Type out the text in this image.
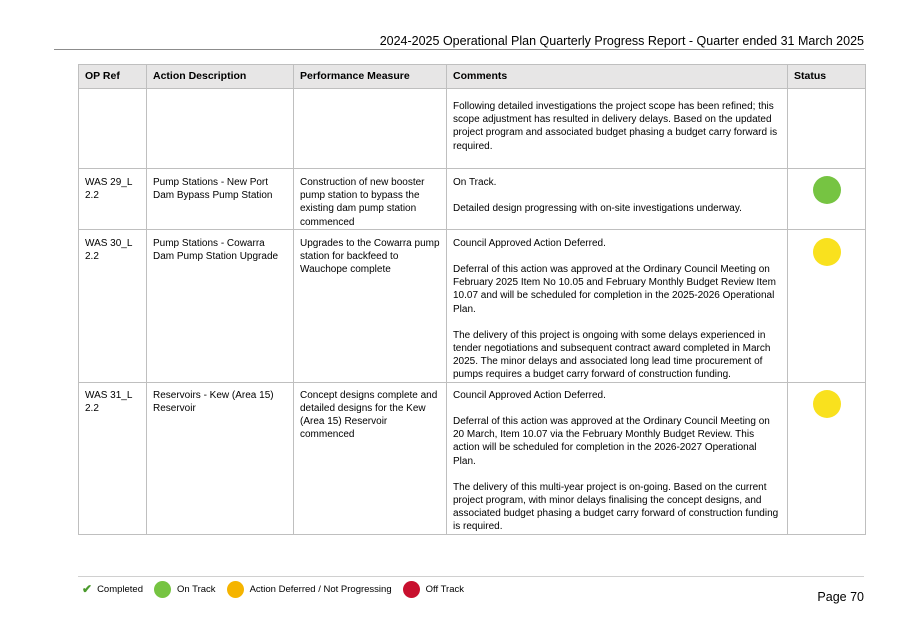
2024-2025 Operational Plan Quarterly Progress Report - Quarter ended 31 March 2025
OP Ref	Action Description	Performance Measure	Comments	Status

			Following detailed investigations the project scope has been refined; this scope adjustment has resulted in delivery delays. Based on the updated project program and associated budget phasing a budget carry forward is required.	

WAS 29_L 2.2	Pump Stations - New Port Dam Bypass Pump Station	Construction of new booster pump station to bypass the existing dam pump station commenced	On Track.

Detailed design progressing with on-site investigations underway.	

WAS 30_L 2.2	Pump Stations - Cowarra Dam Pump Station Upgrade	Upgrades to the Cowarra pump station for backfeed to Wauchope complete	Council Approved Action Deferred.

Deferral of this action was approved at the Ordinary Council Meeting on February 2025 Item No 10.05 and February Monthly Budget Review Item 10.07 and will be scheduled for completion in the 2025-2026 Operational Plan.

The delivery of this project is ongoing with some delays experienced in tender negotiations and subsequent contract award completed in March 2025. The minor delays and associated long lead time procurement of pumps requires a budget carry forward of construction funding.	

WAS 31_L 2.2	Reservoirs - Kew (Area 15) Reservoir	Concept designs complete and detailed designs for the Kew (Area 15) Reservoir commenced	Council Approved Action Deferred.

Deferral of this action was approved at the Ordinary Council Meeting on 20 March, Item 10.07 via the February Monthly Budget Review. This action will be scheduled for completion in the 2026-2027 Operational Plan.

The delivery of this multi-year project is on-going. Based on the current project program, with minor delays finalising the concept designs, and associated budget phasing a budget carry forward of construction funding is required.	

✔ Completed	On Track	Action Deferred / Not Progressing	Off Track
Page 70
